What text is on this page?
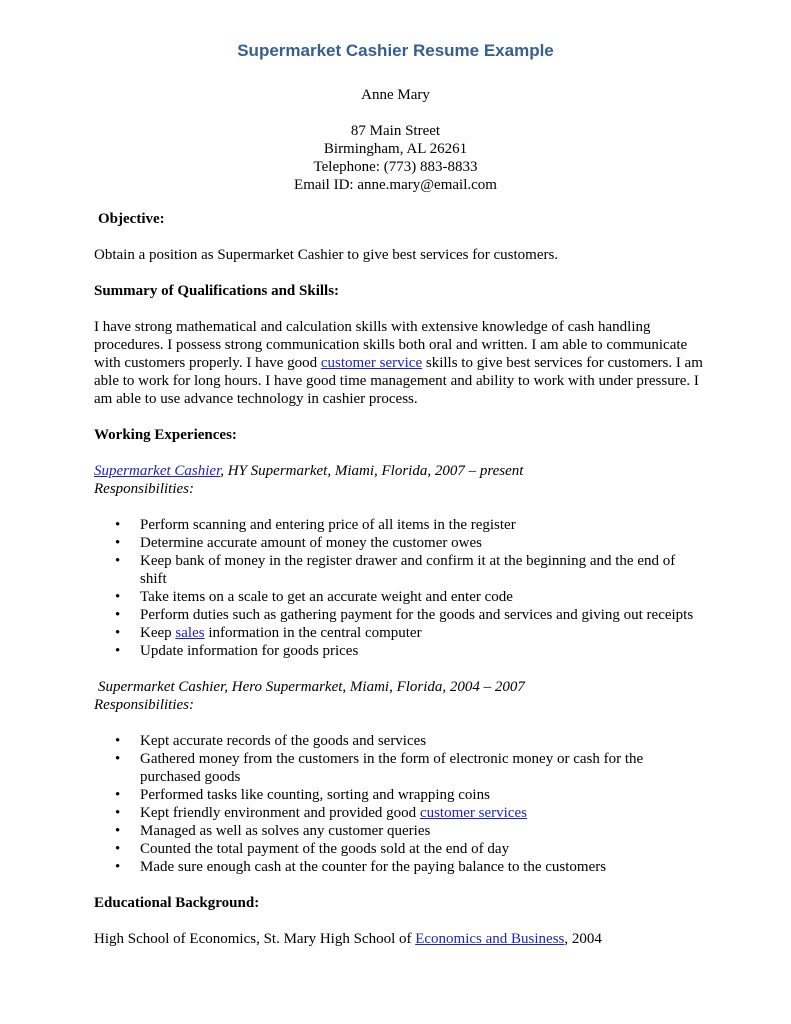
Supermarket Cashier Resume Example
Anne Mary
87 Main Street
Birmingham, AL 26261
Telephone: (773) 883-8833
Email ID: anne.mary@email.com

Objective:

Obtain a position as Supermarket Cashier to give best services for customers.

Summary of Qualifications and Skills:

I have strong mathematical and calculation skills with extensive knowledge of cash handling procedures. I possess strong communication skills both oral and written. I am able to communicate with customers properly. I have good customer service skills to give best services for customers. I am able to work for long hours. I have good time management and ability to work with under pressure. I am able to use advance technology in cashier process.

Working Experiences:

Supermarket Cashier, HY Supermarket, Miami, Florida, 2007 – present

Responsibilities:

• Perform scanning and entering price of all items in the register
• Determine accurate amount of money the customer owes
• Keep bank of money in the register drawer and confirm it at the beginning and the end of shift
• Take items on a scale to get an accurate weight and enter code
• Perform duties such as gathering payment for the goods and services and giving out receipts
• Keep sales information in the central computer
• Update information for goods prices

Supermarket Cashier, Hero Supermarket, Miami, Florida, 2004 – 2007

Responsibilities:

• Kept accurate records of the goods and services
• Gathered money from the customers in the form of electronic money or cash for the purchased goods
• Performed tasks like counting, sorting and wrapping coins
• Kept friendly environment and provided good customer services
• Managed as well as solves any customer queries
• Counted the total payment of the goods sold at the end of day
• Made sure enough cash at the counter for the paying balance to the customers

Educational Background:

High School of Economics, St. Mary High School of Economics and Business, 2004
